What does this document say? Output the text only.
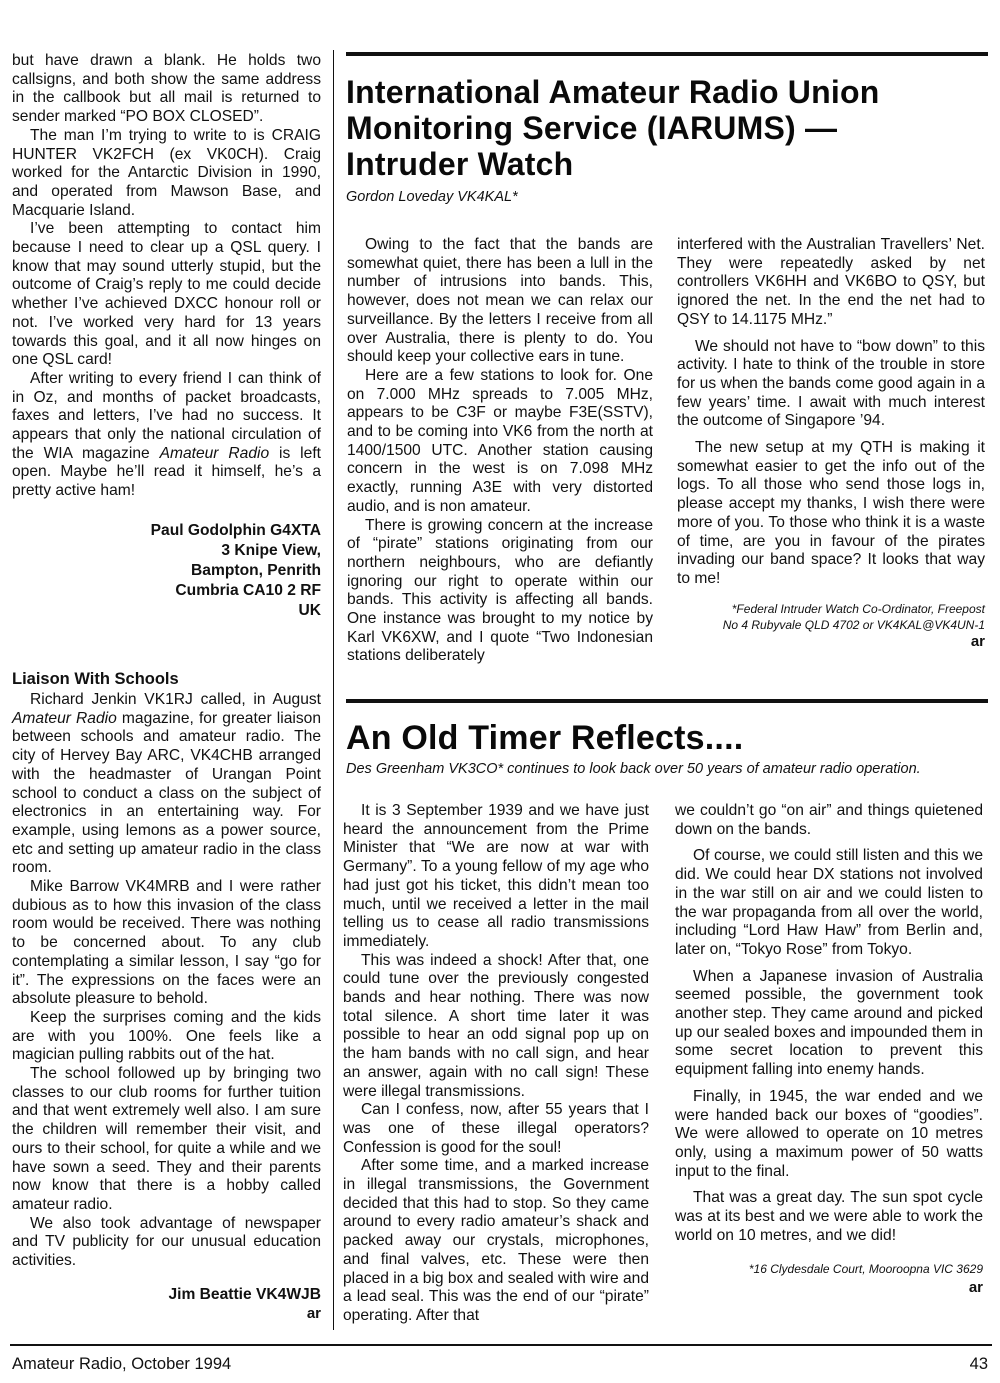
but have drawn a blank. He holds two callsigns, and both show the same address in the callbook but all mail is returned to sender marked “PO BOX CLOSED”.

The man I’m trying to write to is CRAIG HUNTER VK2FCH (ex VK0CH). Craig worked for the Antarctic Division in 1990, and operated from Mawson Base, and Macquarie Island.

I’ve been attempting to contact him because I need to clear up a QSL query. I know that may sound utterly stupid, but the outcome of Craig’s reply to me could decide whether I’ve achieved DXCC honour roll or not. I’ve worked very hard for 13 years towards this goal, and it all now hinges on one QSL card!

After writing to every friend I can think of in Oz, and months of packet broadcasts, faxes and letters, I’ve had no success. It appears that only the national circulation of the WIA magazine Amateur Radio is left open. Maybe he’ll read it himself, he’s a pretty active ham!

Paul Godolphin G4XTA
3 Knipe View,
Bampton, Penrith
Cumbria CA10 2 RF
UK
Liaison With Schools

Richard Jenkin VK1RJ called, in August Amateur Radio magazine, for greater liaison between schools and amateur radio. The city of Hervey Bay ARC, VK4CHB arranged with the headmaster of Urangan Point school to conduct a class on the subject of electronics in an entertaining way. For example, using lemons as a power source, etc and setting up amateur radio in the class room.

Mike Barrow VK4MRB and I were rather dubious as to how this invasion of the class room would be received. There was nothing to be concerned about. To any club contemplating a similar lesson, I say “go for it”. The expressions on the faces were an absolute pleasure to behold.

Keep the surprises coming and the kids are with you 100%. One feels like a magician pulling rabbits out of the hat.

The school followed up by bringing two classes to our club rooms for further tuition and that went extremely well also. I am sure the children will remember their visit, and ours to their school, for quite a while and we have sown a seed. They and their parents now know that there is a hobby called amateur radio.

We also took advantage of newspaper and TV publicity for our unusual education activities.

Jim Beattie VK4WJB
ar
International Amateur Radio Union
Monitoring Service (IARUMS) —
Intruder Watch
Gordon Loveday VK4KAL*

Owing to the fact that the bands are somewhat quiet, there has been a lull in the number of intrusions into bands. This, however, does not mean we can relax our surveillance. By the letters I receive from all over Australia, there is plenty to do. You should keep your collective ears in tune.

Here are a few stations to look for. One on 7.000 MHz spreads to 7.005 MHz, appears to be C3F or maybe F3E(SSTV), and to be coming into VK6 from the north at 1400/1500 UTC. Another station causing concern in the west is on 7.098 MHz exactly, running A3E with very distorted audio, and is non amateur.

There is growing concern at the increase of “pirate” stations originating from our northern neighbours, who are defiantly ignoring our right to operate within our bands. This activity is affecting all bands. One instance was brought to my notice by Karl VK6XW, and I quote “Two Indonesian stations deliberately

interfered with the Australian Travellers’ Net. They were repeatedly asked by net controllers VK6HH and VK6BO to QSY, but ignored the net. In the end the net had to QSY to 14.1175 MHz.”

We should not have to “bow down” to this activity. I hate to think of the trouble in store for us when the bands come good again in a few years’ time. I await with much interest the outcome of Singapore ’94.

The new setup at my QTH is making it somewhat easier to get the info out of the logs. To all those who send those logs in, please accept my thanks, I wish there were more of you. To those who think it is a waste of time, are you in favour of the pirates invading our band space? It looks that way to me!

*Federal Intruder Watch Co-Ordinator, Freepost
No 4 Rubyvale QLD 4702 or VK4KAL@VK4UN-1
ar
An Old Timer Reflects....
Des Greenham VK3CO* continues to look back over 50 years of amateur radio operation.

It is 3 September 1939 and we have just heard the announcement from the Prime Minister that “We are now at war with Germany”. To a young fellow of my age who had just got his ticket, this didn’t mean too much, until we received a letter in the mail telling us to cease all radio transmissions immediately.

This was indeed a shock! After that, one could tune over the previously congested bands and hear nothing. There was now total silence. A short time later it was possible to hear an odd signal pop up on the ham bands with no call sign, and hear an answer, again with no call sign! These were illegal transmissions.

Can I confess, now, after 55 years that I was one of these illegal operators? Confession is good for the soul!

After some time, and a marked increase in illegal transmissions, the Government decided that this had to stop. So they came around to every radio amateur’s shack and packed away our crystals, microphones, and final valves, etc. These were then placed in a big box and sealed with wire and a lead seal. This was the end of our “pirate” operating. After that

we couldn’t go “on air” and things quietened down on the bands.

Of course, we could still listen and this we did. We could hear DX stations not involved in the war still on air and we could listen to the war propaganda from all over the world, including “Lord Haw Haw” from Berlin and, later on, “Tokyo Rose” from Tokyo.

When a Japanese invasion of Australia seemed possible, the government took another step. They came around and picked up our sealed boxes and impounded them in some secret location to prevent this equipment falling into enemy hands.

Finally, in 1945, the war ended and we were handed back our boxes of “goodies”. We were allowed to operate on 10 metres only, using a maximum power of 50 watts input to the final.

That was a great day. The sun spot cycle was at its best and we were able to work the world on 10 metres, and we did!

*16 Clydesdale Court, Mooroopna VIC 3629
ar
Amateur Radio, October 1994	43
